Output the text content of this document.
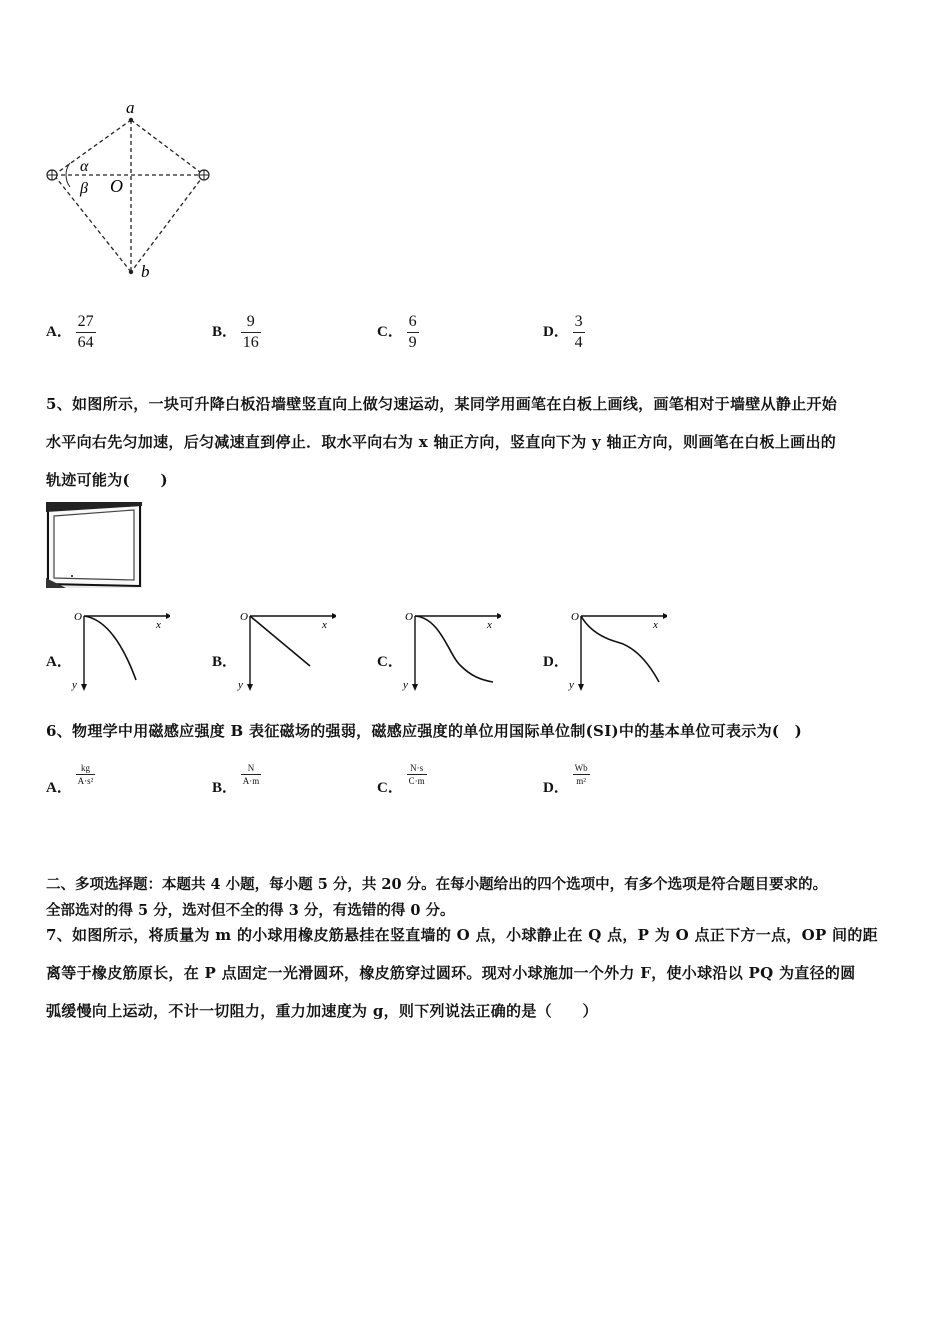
a
b
O
α
β
A． $\frac{27}{64}$	B． $\frac{9}{16}$	C． $\frac{6}{9}$	D． $\frac{3}{4}$
5、如图所示，一块可升降白板沿墙壁竖直向上做匀速运动，某同学用画笔在白板上画线，画笔相对于墙壁从静止开始
水平向右先匀加速，后匀减速直到停止．取水平向右为 x 轴正方向，竖直向下为 y 轴正方向，则画笔在白板上画出的
轨迹可能为(　　)
A．
O
x
y
B．
O
x
y
C．
O
x
y
D．
O
x
y
6、物理学中用磁感应强度 B 表征磁场的强弱，磁感应强度的单位用国际单位制(SI)中的基本单位可表示为(　)
A．
$\frac{kg}{\text{A·s²}}$
B．
$\frac{N}{A\cdot m}$
C．
$\frac{N\cdot s}{C\cdot m}$
D．
$\frac{Wb}{\text{m²}}$
二、多项选择题：本题共 4 小题，每小题 5 分，共 20 分。在每小题给出的四个选项中，有多个选项是符合题目要求的。
全部选对的得 5 分，选对但不全的得 3 分，有选错的得 0 分。
7、如图所示，将质量为 m 的小球用橡皮筋悬挂在竖直墙的 O 点，小球静止在 Q 点，P 为 O 点正下方一点，OP 间的距
离等于橡皮筋原长，在 P 点固定一光滑圆环，橡皮筋穿过圆环。现对小球施加一个外力 F，使小球沿以 PQ 为直径的圆
弧缓慢向上运动，不计一切阻力，重力加速度为 g，则下列说法正确的是（　　）
